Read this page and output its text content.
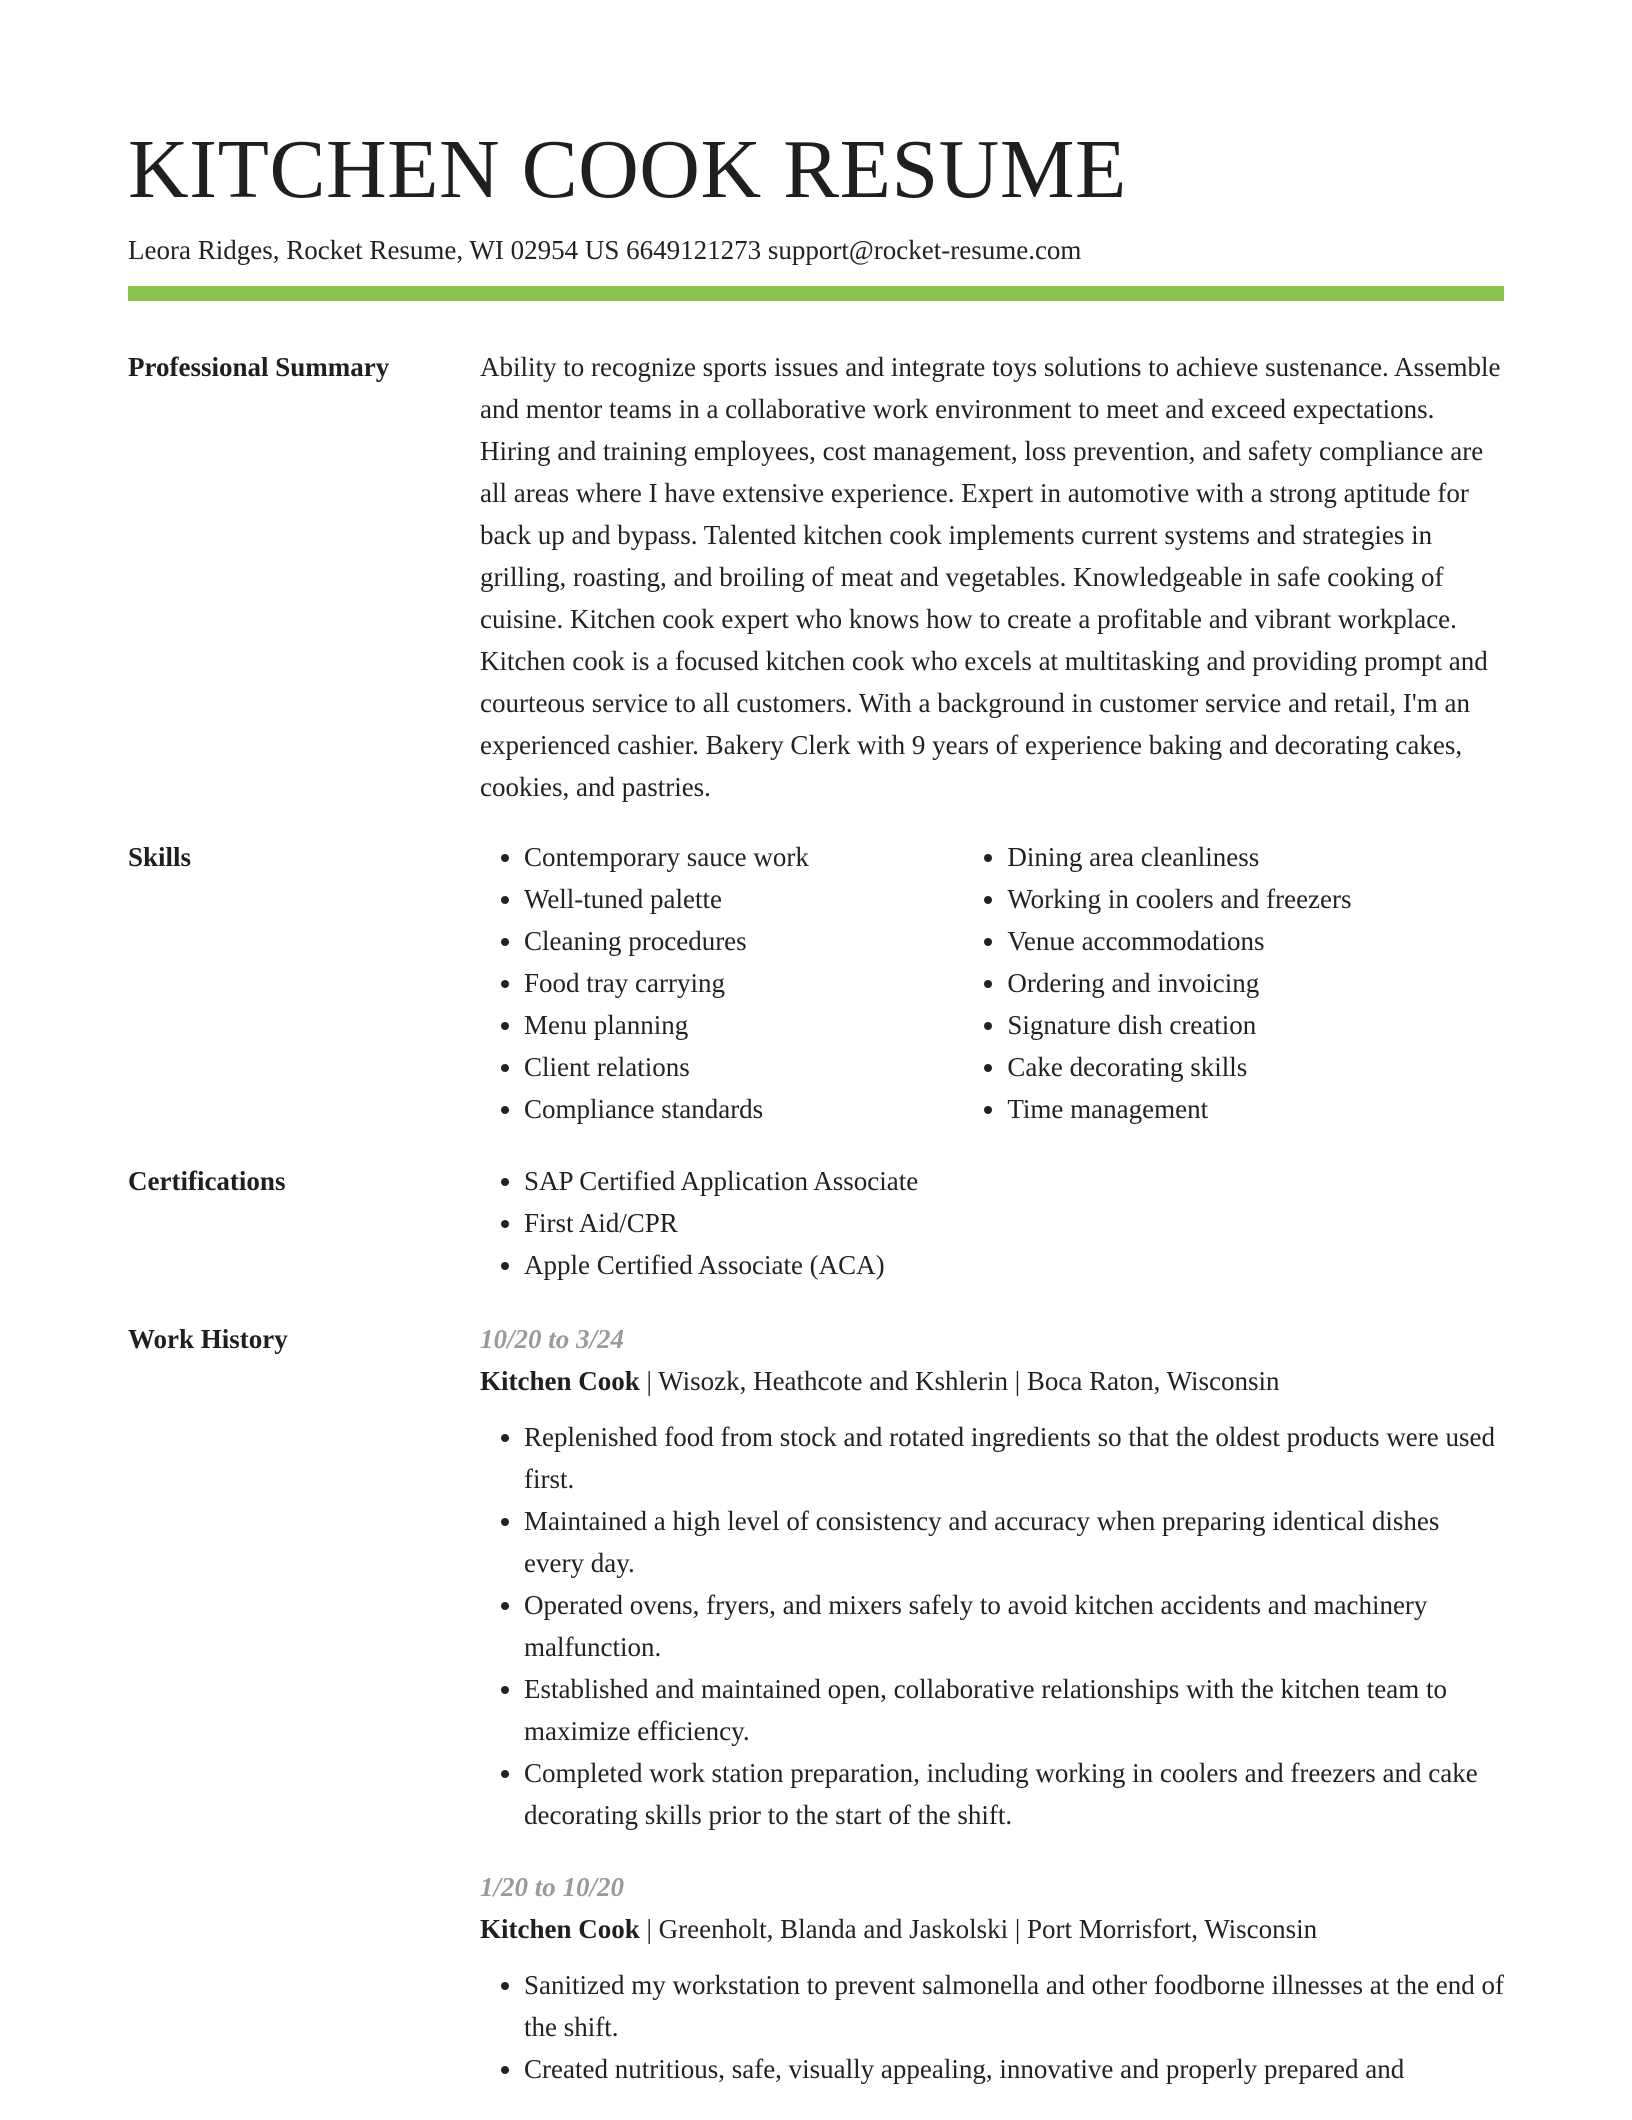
KITCHEN COOK RESUME
Leora Ridges, Rocket Resume, WI 02954 US 6649121273 support@rocket-resume.com
Professional Summary	Ability to recognize sports issues and integrate toys solutions to achieve sustenance. Assemble and mentor teams in a collaborative work environment to meet and exceed expectations. Hiring and training employees, cost management, loss prevention, and safety compliance are all areas where I have extensive experience. Expert in automotive with a strong aptitude for back up and bypass. Talented kitchen cook implements current systems and strategies in grilling, roasting, and broiling of meat and vegetables. Knowledgeable in safe cooking of cuisine. Kitchen cook expert who knows how to create a profitable and vibrant workplace. Kitchen cook is a focused kitchen cook who excels at multitasking and providing prompt and courteous service to all customers. With a background in customer service and retail, I'm an experienced cashier. Bakery Clerk with 9 years of experience baking and decorating cakes, cookies, and pastries.

Skills	• Contemporary sauce work
• Well-tuned palette
• Cleaning procedures
• Food tray carrying
• Menu planning
• Client relations
• Compliance standards
• Dining area cleanliness
• Working in coolers and freezers
• Venue accommodations
• Ordering and invoicing
• Signature dish creation
• Cake decorating skills
• Time management
Certifications	• SAP Certified Application Associate
• First Aid/CPR
• Apple Certified Associate (ACA)
Work History	10/20 to 3/24
Kitchen Cook | Wisozk, Heathcote and Kshlerin | Boca Raton, Wisconsin
• Replenished food from stock and rotated ingredients so that the oldest products were used first.
• Maintained a high level of consistency and accuracy when preparing identical dishes every day.
• Operated ovens, fryers, and mixers safely to avoid kitchen accidents and machinery malfunction.
• Established and maintained open, collaborative relationships with the kitchen team to maximize efficiency.
• Completed work station preparation, including working in coolers and freezers and cake decorating skills prior to the start of the shift.
1/20 to 10/20
Kitchen Cook | Greenholt, Blanda and Jaskolski | Port Morrisfort, Wisconsin
• Sanitized my workstation to prevent salmonella and other foodborne illnesses at the end of the shift.
• Created nutritious, safe, visually appealing, innovative and properly prepared and
